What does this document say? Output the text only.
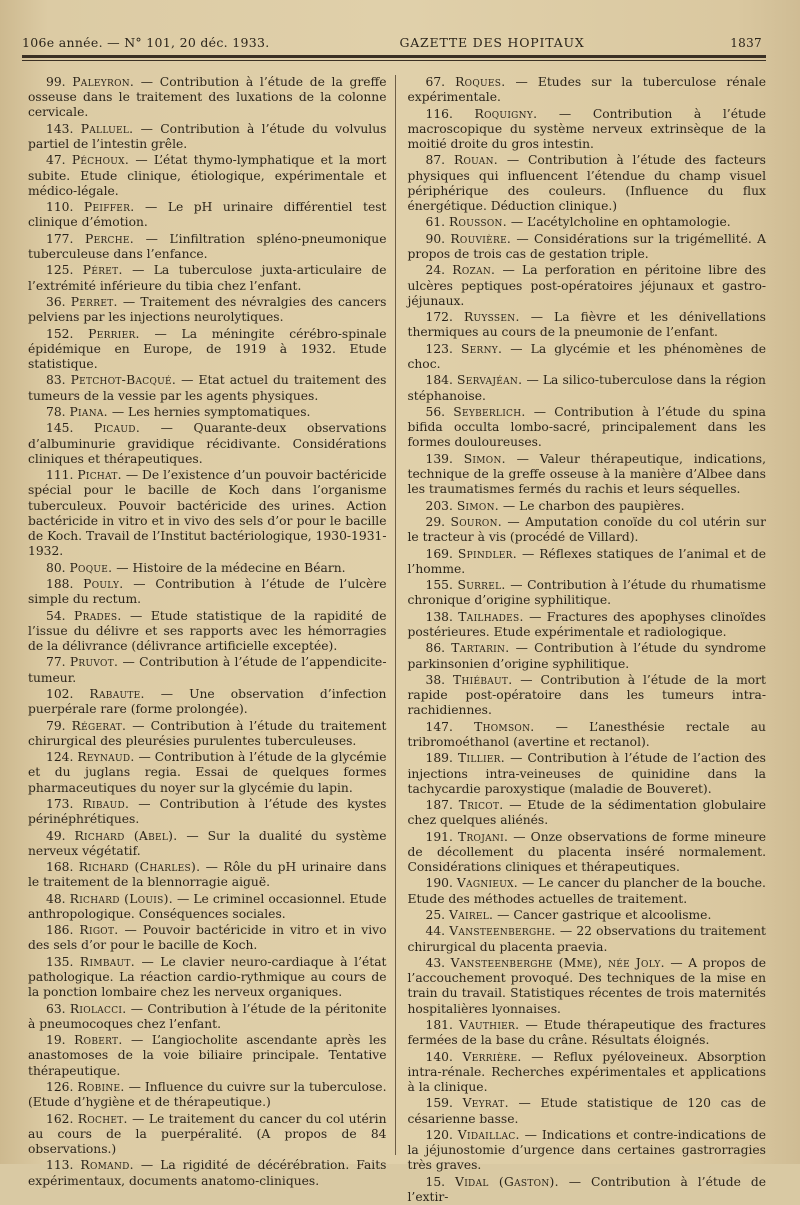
106e année. — N° 101, 20 déc. 1933.	GAZETTE DES HOPITAUX	1837

99. Paleyron. — Contribution à l’étude de la greffe osseuse dans le traitement des luxations de la colonne cervicale.

143. Palluel. — Contribution à l’étude du volvulus partiel de l’intestin grêle.

47. Péchoux. — L’état thymo-lymphatique et la mort subite. Etude clinique, étiologique, expérimentale et médico-légale.

110. Peiffer. — Le pH urinaire différentiel test clinique d’émotion.

177. Perche. — L’infiltration spléno-pneumonique tuberculeuse dans l’enfance.

125. Péret. — La tuberculose juxta-articulaire de l’extrémité inférieure du tibia chez l’enfant.

36. Perret. — Traitement des névralgies des cancers pelviens par les injections neurolytiques.

152. Perrier. — La méningite cérébro-spinale épidémique en Europe, de 1919 à 1932. Etude statistique.

83. Petchot-Bacqué. — Etat actuel du traitement des tumeurs de la vessie par les agents physiques.

78. Piana. — Les hernies symptomatiques.

145. Picaud. — Quarante-deux observations d’albuminurie gravidique récidivante. Considérations cliniques et thérapeutiques.

111. Pichat. — De l’existence d’un pouvoir bactéricide spécial pour le bacille de Koch dans l’organisme tuberculeux. Pouvoir bactéricide des urines. Action bactéricide in vitro et in vivo des sels d’or pour le bacille de Koch. Travail de l’Institut bactériologique, 1930-1931-1932.

80. Poque. — Histoire de la médecine en Béarn.

188. Pouly. — Contribution à l’étude de l’ulcère simple du rectum.

54. Prades. — Etude statistique de la rapidité de l’issue du délivre et ses rapports avec les hémorragies de la délivrance (délivrance artificielle exceptée).

77. Pruvot. — Contribution à l’étude de l’appendicite-tumeur.

102. Rabaute. — Une observation d’infection puerpérale rare (forme prolongée).

79. Régerat. — Contribution à l’étude du traitement chirurgical des pleurésies purulentes tuberculeuses.

124. Reynaud. — Contribution à l’étude de la glycémie et du juglans regia. Essai de quelques formes pharmaceutiques du noyer sur la glycémie du lapin.

173. Ribaud. — Contribution à l’étude des kystes périnéphrétiques.

49. Richard (Abel). — Sur la dualité du système nerveux végétatif.

168. Richard (Charles). — Rôle du pH urinaire dans le traitement de la blennorragie aiguë.

48. Richard (Louis). — Le criminel occasionnel. Etude anthropologique. Conséquences sociales.

186. Rigot. — Pouvoir bactéricide in vitro et in vivo des sels d’or pour le bacille de Koch.

135. Rimbaut. — Le clavier neuro-cardiaque à l’état pathologique. La réaction cardio-rythmique au cours de la ponction lombaire chez les nerveux organiques.

63. Riolacci. — Contribution à l’étude de la péritonite à pneumocoques chez l’enfant.

19. Robert. — L’angiocholite ascendante après les anastomoses de la voie biliaire principale. Tentative thérapeutique.

126. Robine. — Influence du cuivre sur la tuberculose. (Etude d’hygiène et de thérapeutique.)

162. Rochet. — Le traitement du cancer du col utérin au cours de la puerpéralité. (A propos de 84 observations.)

113. Romand. — La rigidité de décérébration. Faits expérimentaux, documents anatomo-cliniques.

67. Roques. — Etudes sur la tuberculose rénale expérimentale.

116. Roquigny. — Contribution à l’étude macroscopique du système nerveux extrinsèque de la moitié droite du gros intestin.

87. Rouan. — Contribution à l’étude des facteurs physiques qui influencent l’étendue du champ visuel périphérique des couleurs. (Influence du flux énergétique. Déduction clinique.)

61. Rousson. — L’acétylcholine en ophtamologie.

90. Rouvière. — Considérations sur la trigémellité. A propos de trois cas de gestation triple.

24. Rozan. — La perforation en péritoine libre des ulcères peptiques post-opératoires jéjunaux et gastro-jéjunaux.

172. Ruyssen. — La fièvre et les dénivellations thermiques au cours de la pneumonie de l’enfant.

123. Serny. — La glycémie et les phénomènes de choc.

184. Servajéan. — La silico-tuberculose dans la région stéphanoise.

56. Seyberlich. — Contribution à l’étude du spina bifida occulta lombo-sacré, principalement dans les formes douloureuses.

139. Simon. — Valeur thérapeutique, indications, technique de la greffe osseuse à la manière d’Albee dans les traumatismes fermés du rachis et leurs séquelles.

203. Simon. — Le charbon des paupières.

29. Souron. — Amputation conoïde du col utérin sur le tracteur à vis (procédé de Villard).

169. Spindler. — Réflexes statiques de l’animal et de l’homme.

155. Surrel. — Contribution à l’étude du rhumatisme chronique d’origine syphilitique.

138. Tailhades. — Fractures des apophyses clinoïdes postérieures. Etude expérimentale et radiologique.

86. Tartarin. — Contribution à l’étude du syndrome parkinsonien d’origine syphilitique.

38. Thiébaut. — Contribution à l’étude de la mort rapide post-opératoire dans les tumeurs intra-rachidiennes.

147. Thomson. — L’anesthésie rectale au tribromoéthanol (avertine et rectanol).

189. Tillier. — Contribution à l’étude de l’action des injections intra-veineuses de quinidine dans la tachycardie paroxystique (maladie de Bouveret).

187. Tricot. — Etude de la sédimentation globulaire chez quelques aliénés.

191. Trojani. — Onze observations de forme mineure de décollement du placenta inséré normalement. Considérations cliniques et thérapeutiques.

190. Vagnieux. — Le cancer du plancher de la bouche. Etude des méthodes actuelles de traitement.

25. Vairel. — Cancer gastrique et alcoolisme.

44. Vansteenberghe. — 22 observations du traitement chirurgical du placenta praevia.

43. Vansteenberghe (Mme), née Joly. — A propos de l’accouchement provoqué. Des techniques de la mise en train du travail. Statistiques récentes de trois maternités hospitalières lyonnaises.

181. Vauthier. — Etude thérapeutique des fractures fermées de la base du crâne. Résultats éloignés.

140. Verrière. — Reflux pyéloveineux. Absorption intra-rénale. Recherches expérimentales et applications à la clinique.

159. Veyrat. — Etude statistique de 120 cas de césarienne basse.

120. Vidaillac. — Indications et contre-indications de la jéjunostomie d’urgence dans certaines gastrorragies très graves.

15. Vidal (Gaston). — Contribution à l’étude de l’extir-
